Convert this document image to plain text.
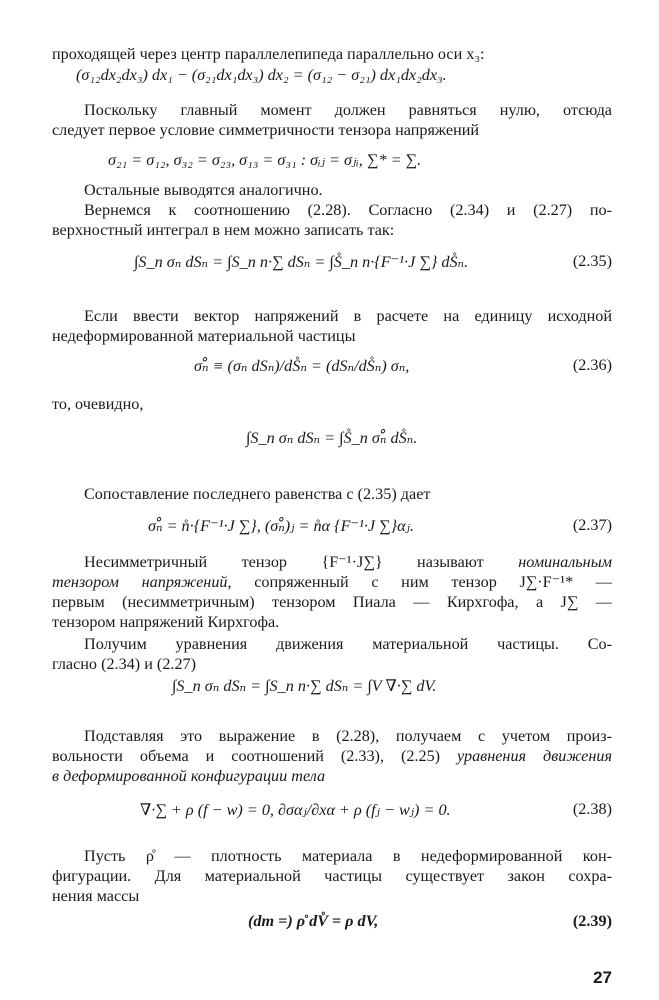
проходящей через центр параллелепипеда параллельно оси x₃:
(σ₁₂dx₂dx₃) dx₁ − (σ₂₁dx₁dx₃) dx₂ = (σ₁₂ − σ₂₁) dx₁dx₂dx₃.
Поскольку главный момент должен равняться нулю, отсюда
следует первое условие симметричности тензора напряжений
σ₂₁ = σ₁₂, σ₃₂ = σ₂₃, σ₁₃ = σ₃₁ : σᵢⱼ = σⱼᵢ, ∑* = ∑.
Остальные выводятся аналогично.
Вернемся к соотношению (2.28). Согласно (2.34) и (2.27) по-
верхностный интеграл в нем можно записать так:
∫S_n σₙ dSₙ = ∫S_n n·∑ dSₙ = ∫S̊_n n·{F⁻¹·J ∑} dS̊ₙ.	(2.35)
Если ввести вектор напряжений в расчете на единицу исходной
недеформированной материальной частицы
σₙ̊ ≡ (σₙ dSₙ)/dS̊ₙ = (dSₙ/dS̊ₙ) σₙ,	(2.36)
то, очевидно,
∫S_n σₙ dSₙ = ∫S̊_n σₙ̊ dS̊ₙ.
Сопоставление последнего равенства с (2.35) дает
σₙ̊ = n̊·{F⁻¹·J ∑}, (σₙ̊)ⱼ = n̊α {F⁻¹·J ∑}αⱼ.	(2.37)
Несимметричный тензор {F⁻¹·J∑} называют номинальным
тензором напряжений, сопряженный с ним тензор J∑·F⁻¹* —
первым (несимметричным) тензором Пиала — Кирхгофа, а J∑ —
тензором напряжений Кирхгофа.
Получим уравнения движения материальной частицы. Со-
гласно (2.34) и (2.27)
∫S_n σₙ dSₙ = ∫S_n n·∑ dSₙ = ∫V ∇·∑ dV.
Подставляя это выражение в (2.28), получаем с учетом произ-
вольности объема и соотношений (2.33), (2.25) уравнения движения
в деформированной конфигурации тела
∇·∑ + ρ (f − w) = 0, ∂σαⱼ/∂xα + ρ (fⱼ − wⱼ) = 0.	(2.38)
Пусть ρ̊ — плотность материала в недеформированной кон-
фигурации. Для материальной частицы существует закон сохра-
нения массы
(dm =) ρ̊ dV̊ = ρ dV,	(2.39)
27
